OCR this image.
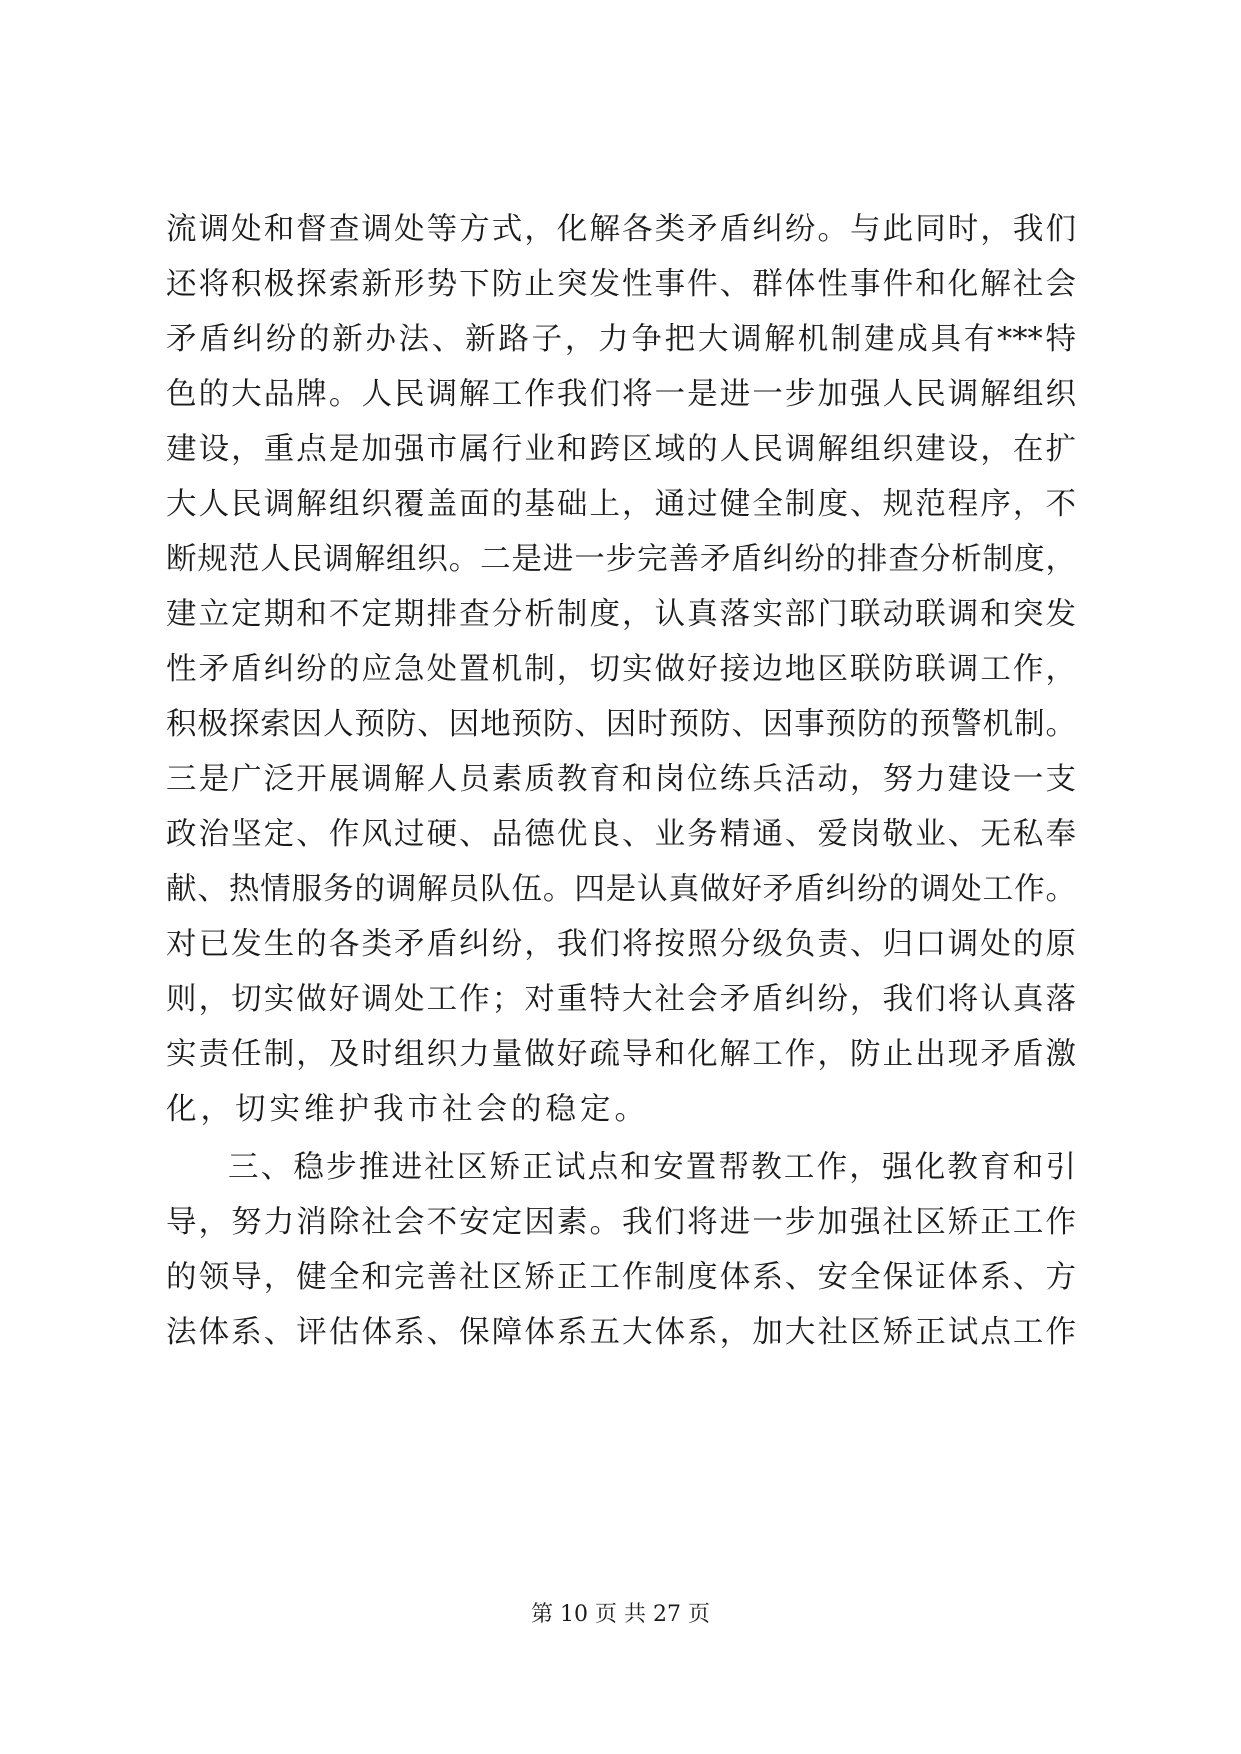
流调处和督查调处等方式，化解各类矛盾纠纷。与此同时，我们
还将积极探索新形势下防止突发性事件、群体性事件和化解社会
矛盾纠纷的新办法、新路子，力争把大调解机制建成具有***特
色的大品牌。人民调解工作我们将一是进一步加强人民调解组织
建设，重点是加强市属行业和跨区域的人民调解组织建设，在扩
大人民调解组织覆盖面的基础上，通过健全制度、规范程序，不
断规范人民调解组织。二是进一步完善矛盾纠纷的排查分析制度，
建立定期和不定期排查分析制度，认真落实部门联动联调和突发
性矛盾纠纷的应急处置机制，切实做好接边地区联防联调工作，
积极探索因人预防、因地预防、因时预防、因事预防的预警机制。
三是广泛开展调解人员素质教育和岗位练兵活动，努力建设一支
政治坚定、作风过硬、品德优良、业务精通、爱岗敬业、无私奉
献、热情服务的调解员队伍。四是认真做好矛盾纠纷的调处工作。
对已发生的各类矛盾纠纷，我们将按照分级负责、归口调处的原
则，切实做好调处工作；对重特大社会矛盾纠纷，我们将认真落
实责任制，及时组织力量做好疏导和化解工作，防止出现矛盾激
化，切实维护我市社会的稳定。
三、稳步推进社区矫正试点和安置帮教工作，强化教育和引
导，努力消除社会不安定因素。我们将进一步加强社区矫正工作
的领导，健全和完善社区矫正工作制度体系、安全保证体系、方
法体系、评估体系、保障体系五大体系，加大社区矫正试点工作
第 10 页 共 27 页
